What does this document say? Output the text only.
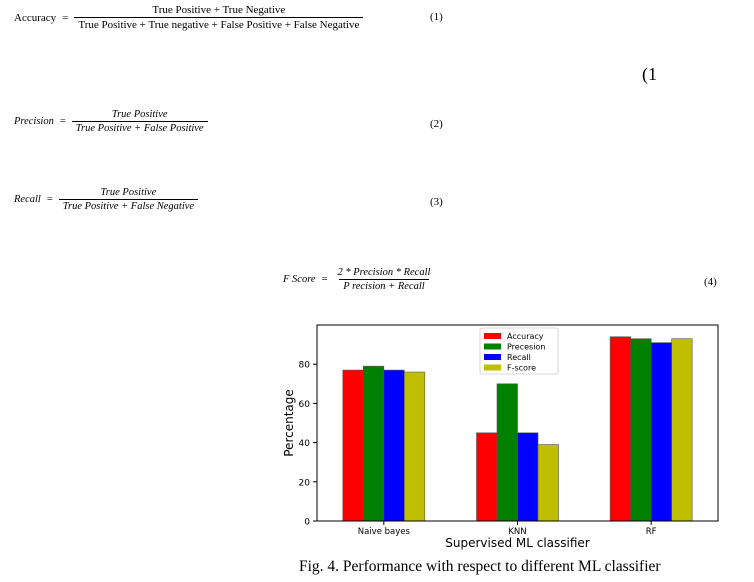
Accuracy =
True Positive + True Negative
True Positive + True negative + False Positive + False Negative
(1)
(1
Precision = $\frac{\text{True Positive}}{\text{True Positive + False Positive}}$	(2)
Recall = $\frac{\text{True Positive}}{\text{True Positive + False Negative}}$	(3)
F Score = $\frac{\text{2 * Precision * Recall}}{\text{P recision + Recall}}$	(4)
0
20
40
60
80
Naive bayes	KNN	RF
Supervised ML classifier
Percentage
Accuracy
Precesion
Recall
F-score
Fig. 4. Performance with respect to different ML classifier
